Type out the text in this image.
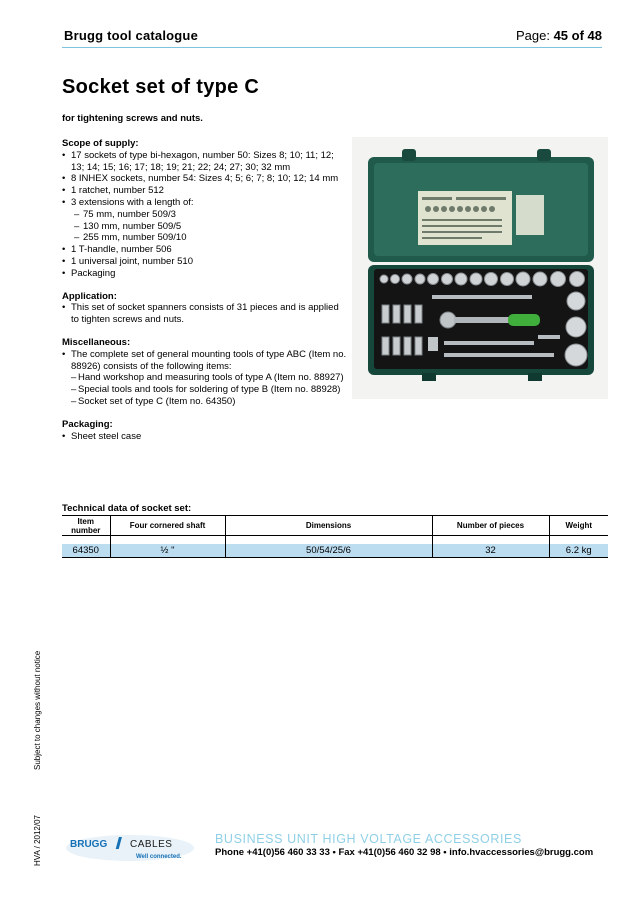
Brugg tool catalogue	Page: 45 of 48
Socket set of type C
for tightening screws and nuts.
Scope of supply:
• 17 sockets of type bi-hexagon, number 50: Sizes 8; 10; 11; 12; 13; 14; 15; 16; 17; 18; 19; 21; 22; 24; 27; 30; 32 mm
• 8 INHEX sockets, number 54: Sizes 4; 5; 6; 7; 8; 10; 12; 14 mm
• 1 ratchet, number 512
• 3 extensions with a length of:
– 75 mm, number 509/3
– 130 mm, number 509/5
– 255 mm, number 509/10
• 1 T-handle, number 506
• 1 universal joint, number 510
• Packaging
Application:
• This set of socket spanners consists of 31 pieces and is applied to tighten screws and nuts.
Miscellaneous:
• The complete set of general mounting tools of type ABC (Item no. 88926) consists of the following items:
– Hand workshop and measuring tools of type A (Item no. 88927)
– Special tools and tools for soldering of type B (Item no. 88928)
– Socket set of type C (Item no. 64350)
Packaging:
• Sheet steel case
Technical data of socket set:
Item number	Four cornered shaft	Dimensions	Number of pieces	Weight

64350	½ "	50/54/25/6	32	6.2 kg
Subject to changes without notice
HVA / 2012/07	BRUGG CABLES
Well connected.
BUSINESS UNIT HIGH VOLTAGE ACCESSORIES
Phone +41(0)56 460 33 33 • Fax +41(0)56 460 32 98 • info.hvaccessories@brugg.com
